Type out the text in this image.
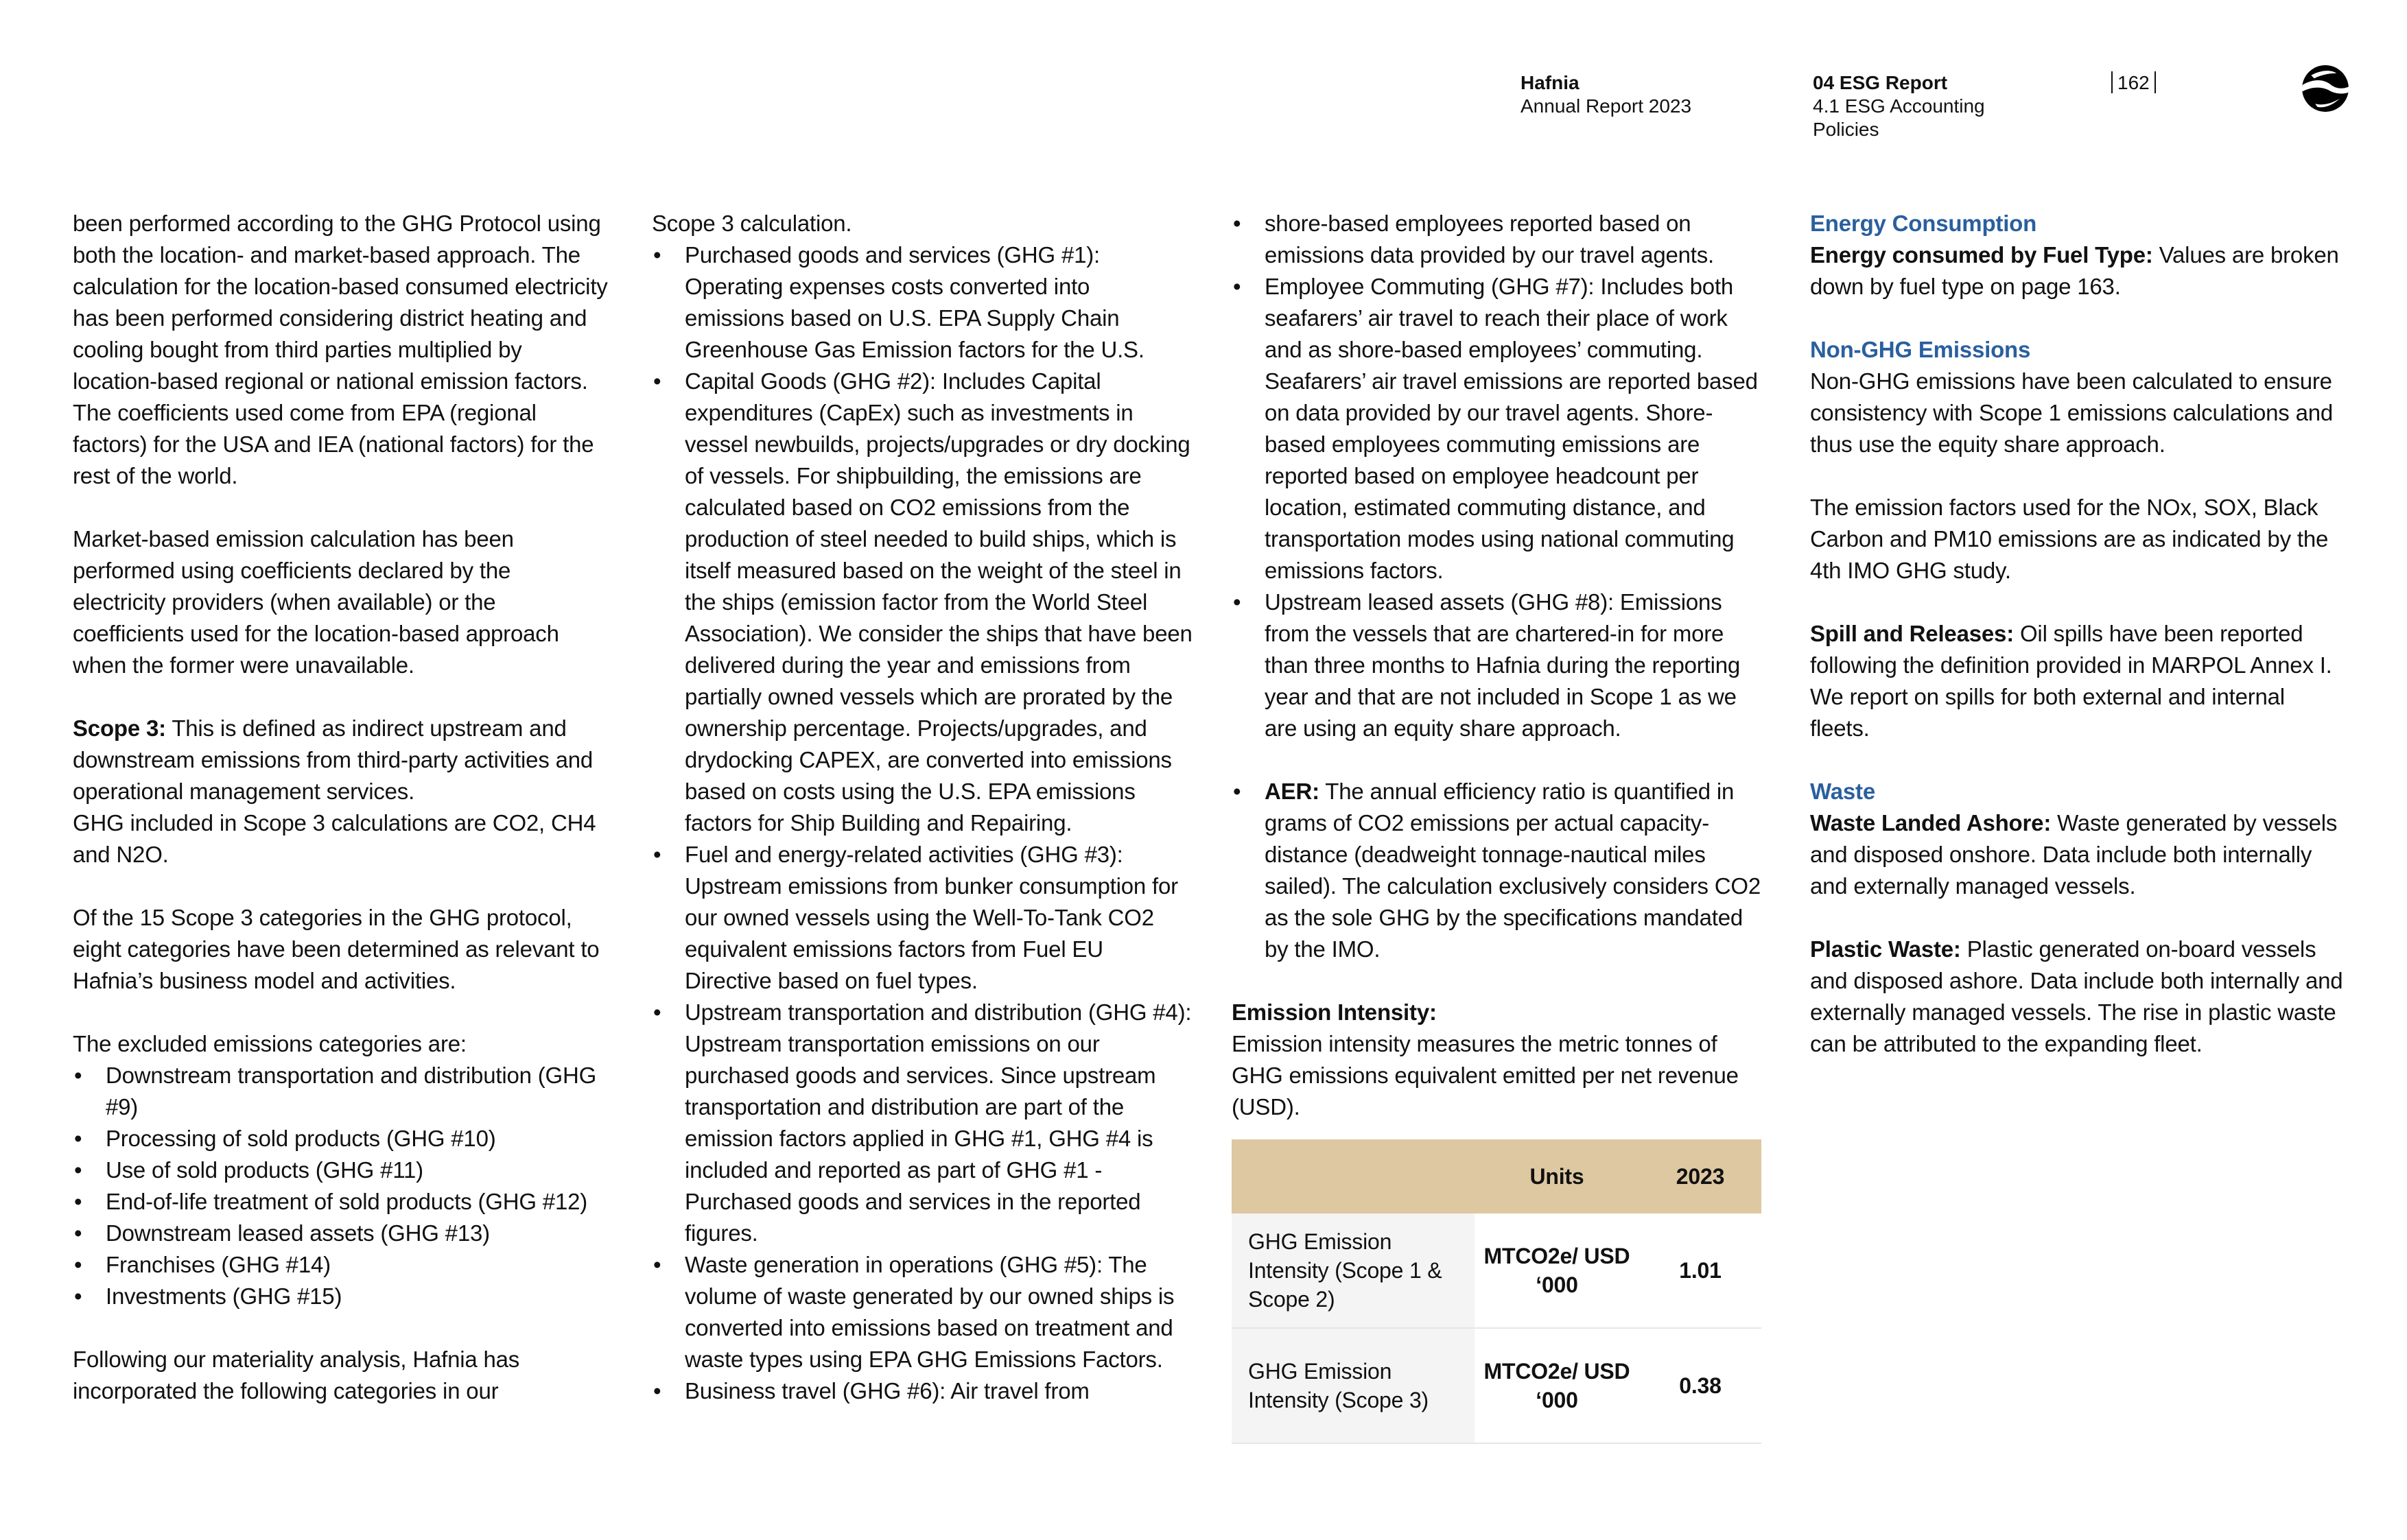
Hafnia
Annual Report 2023
04 ESG Report
4.1 ESG Accounting
Policies
162

been performed according to the GHG Protocol using both the location- and market-based approach. The calculation for the location-based consumed electricity has been performed considering district heating and cooling bought from third parties multiplied by location-based regional or national emission factors. The coefficients used come from EPA (regional factors) for the USA and IEA (national factors) for the rest of the world.

Market-based emission calculation has been performed using coefficients declared by the electricity providers (when available) or the coefficients used for the location-based approach when the former were unavailable.

Scope 3: This is defined as indirect upstream and downstream emissions from third-party activities and operational management services.

GHG included in Scope 3 calculations are CO2, CH4 and N2O.

Of the 15 Scope 3 categories in the GHG protocol, eight categories have been determined as relevant to Hafnia’s business model and activities.

The excluded emissions categories are:

• Downstream transportation and distribution (GHG #9)
• Processing of sold products (GHG #10)
• Use of sold products (GHG #11)
• End-of-life treatment of sold products (GHG #12)
• Downstream leased assets (GHG #13)
• Franchises (GHG #14)
• Investments (GHG #15)

Following our materiality analysis, Hafnia has incorporated the following categories in our

Scope 3 calculation.

• Purchased goods and services (GHG #1): Operating expenses costs converted into emissions based on U.S. EPA Supply Chain Greenhouse Gas Emission factors for the U.S.
• Capital Goods (GHG #2): Includes Capital expenditures (CapEx) such as investments in vessel newbuilds, projects/upgrades or dry docking of vessels. For shipbuilding, the emissions are calculated based on CO2 emissions from the production of steel needed to build ships, which is itself measured based on the weight of the steel in the ships (emission factor from the World Steel Association). We consider the ships that have been delivered during the year and emissions from partially owned vessels which are prorated by the ownership percentage. Projects/upgrades, and drydocking CAPEX, are converted into emissions based on costs using the U.S. EPA emissions factors for Ship Building and Repairing.
• Fuel and energy-related activities (GHG #3): Upstream emissions from bunker consumption for our owned vessels using the Well-To-Tank CO2 equivalent emissions factors from Fuel EU Directive based on fuel types.
• Upstream transportation and distribution (GHG #4): Upstream transportation emissions on our purchased goods and services. Since upstream transportation and distribution are part of the emission factors applied in GHG #1, GHG #4 is included and reported as part of GHG #1 - Purchased goods and services in the reported figures.
• Waste generation in operations (GHG #5): The volume of waste generated by our owned ships is converted into emissions based on treatment and waste types using EPA GHG Emissions Factors.
• Business travel (GHG #6): Air travel from
• shore-based employees reported based on emissions data provided by our travel agents.
• Employee Commuting (GHG #7): Includes both seafarers’ air travel to reach their place of work and as shore-based employees’ commuting. Seafarers’ air travel emissions are reported based on data provided by our travel agents. Shore-based employees commuting emissions are reported based on employee headcount per location, estimated commuting distance, and transportation modes using national commuting emissions factors.
• Upstream leased assets (GHG #8): Emissions from the vessels that are chartered-in for more than three months to Hafnia during the reporting year and that are not included in Scope 1 as we are using an equity share approach.
• AER: The annual efficiency ratio is quantified in grams of CO2 emissions per actual capacity-distance (deadweight tonnage-nautical miles sailed). The calculation exclusively considers CO2 as the sole GHG by the specifications mandated by the IMO.

Emission Intensity:

Emission intensity measures the metric tonnes of GHG emissions equivalent emitted per net revenue (USD).

	Units	2023
GHG Emission Intensity (Scope 1 & Scope 2)	MTCO2e/ USD ‘000	1.01
GHG Emission Intensity (Scope 3)	MTCO2e/ USD ‘000	0.38

Energy Consumption

Energy consumed by Fuel Type: Values are broken down by fuel type on page 163.

Non-GHG Emissions

Non-GHG emissions have been calculated to ensure consistency with Scope 1 emissions calculations and thus use the equity share approach.

The emission factors used for the NOx, SOX, Black Carbon and PM10 emissions are as indicated by the 4th IMO GHG study.

Spill and Releases: Oil spills have been reported following the definition provided in MARPOL Annex I. We report on spills for both external and internal fleets.

Waste

Waste Landed Ashore: Waste generated by vessels and disposed onshore. Data include both internally and externally managed vessels.

Plastic Waste: Plastic generated on-board vessels and disposed ashore. Data include both internally and externally managed vessels. The rise in plastic waste can be attributed to the expanding fleet.
